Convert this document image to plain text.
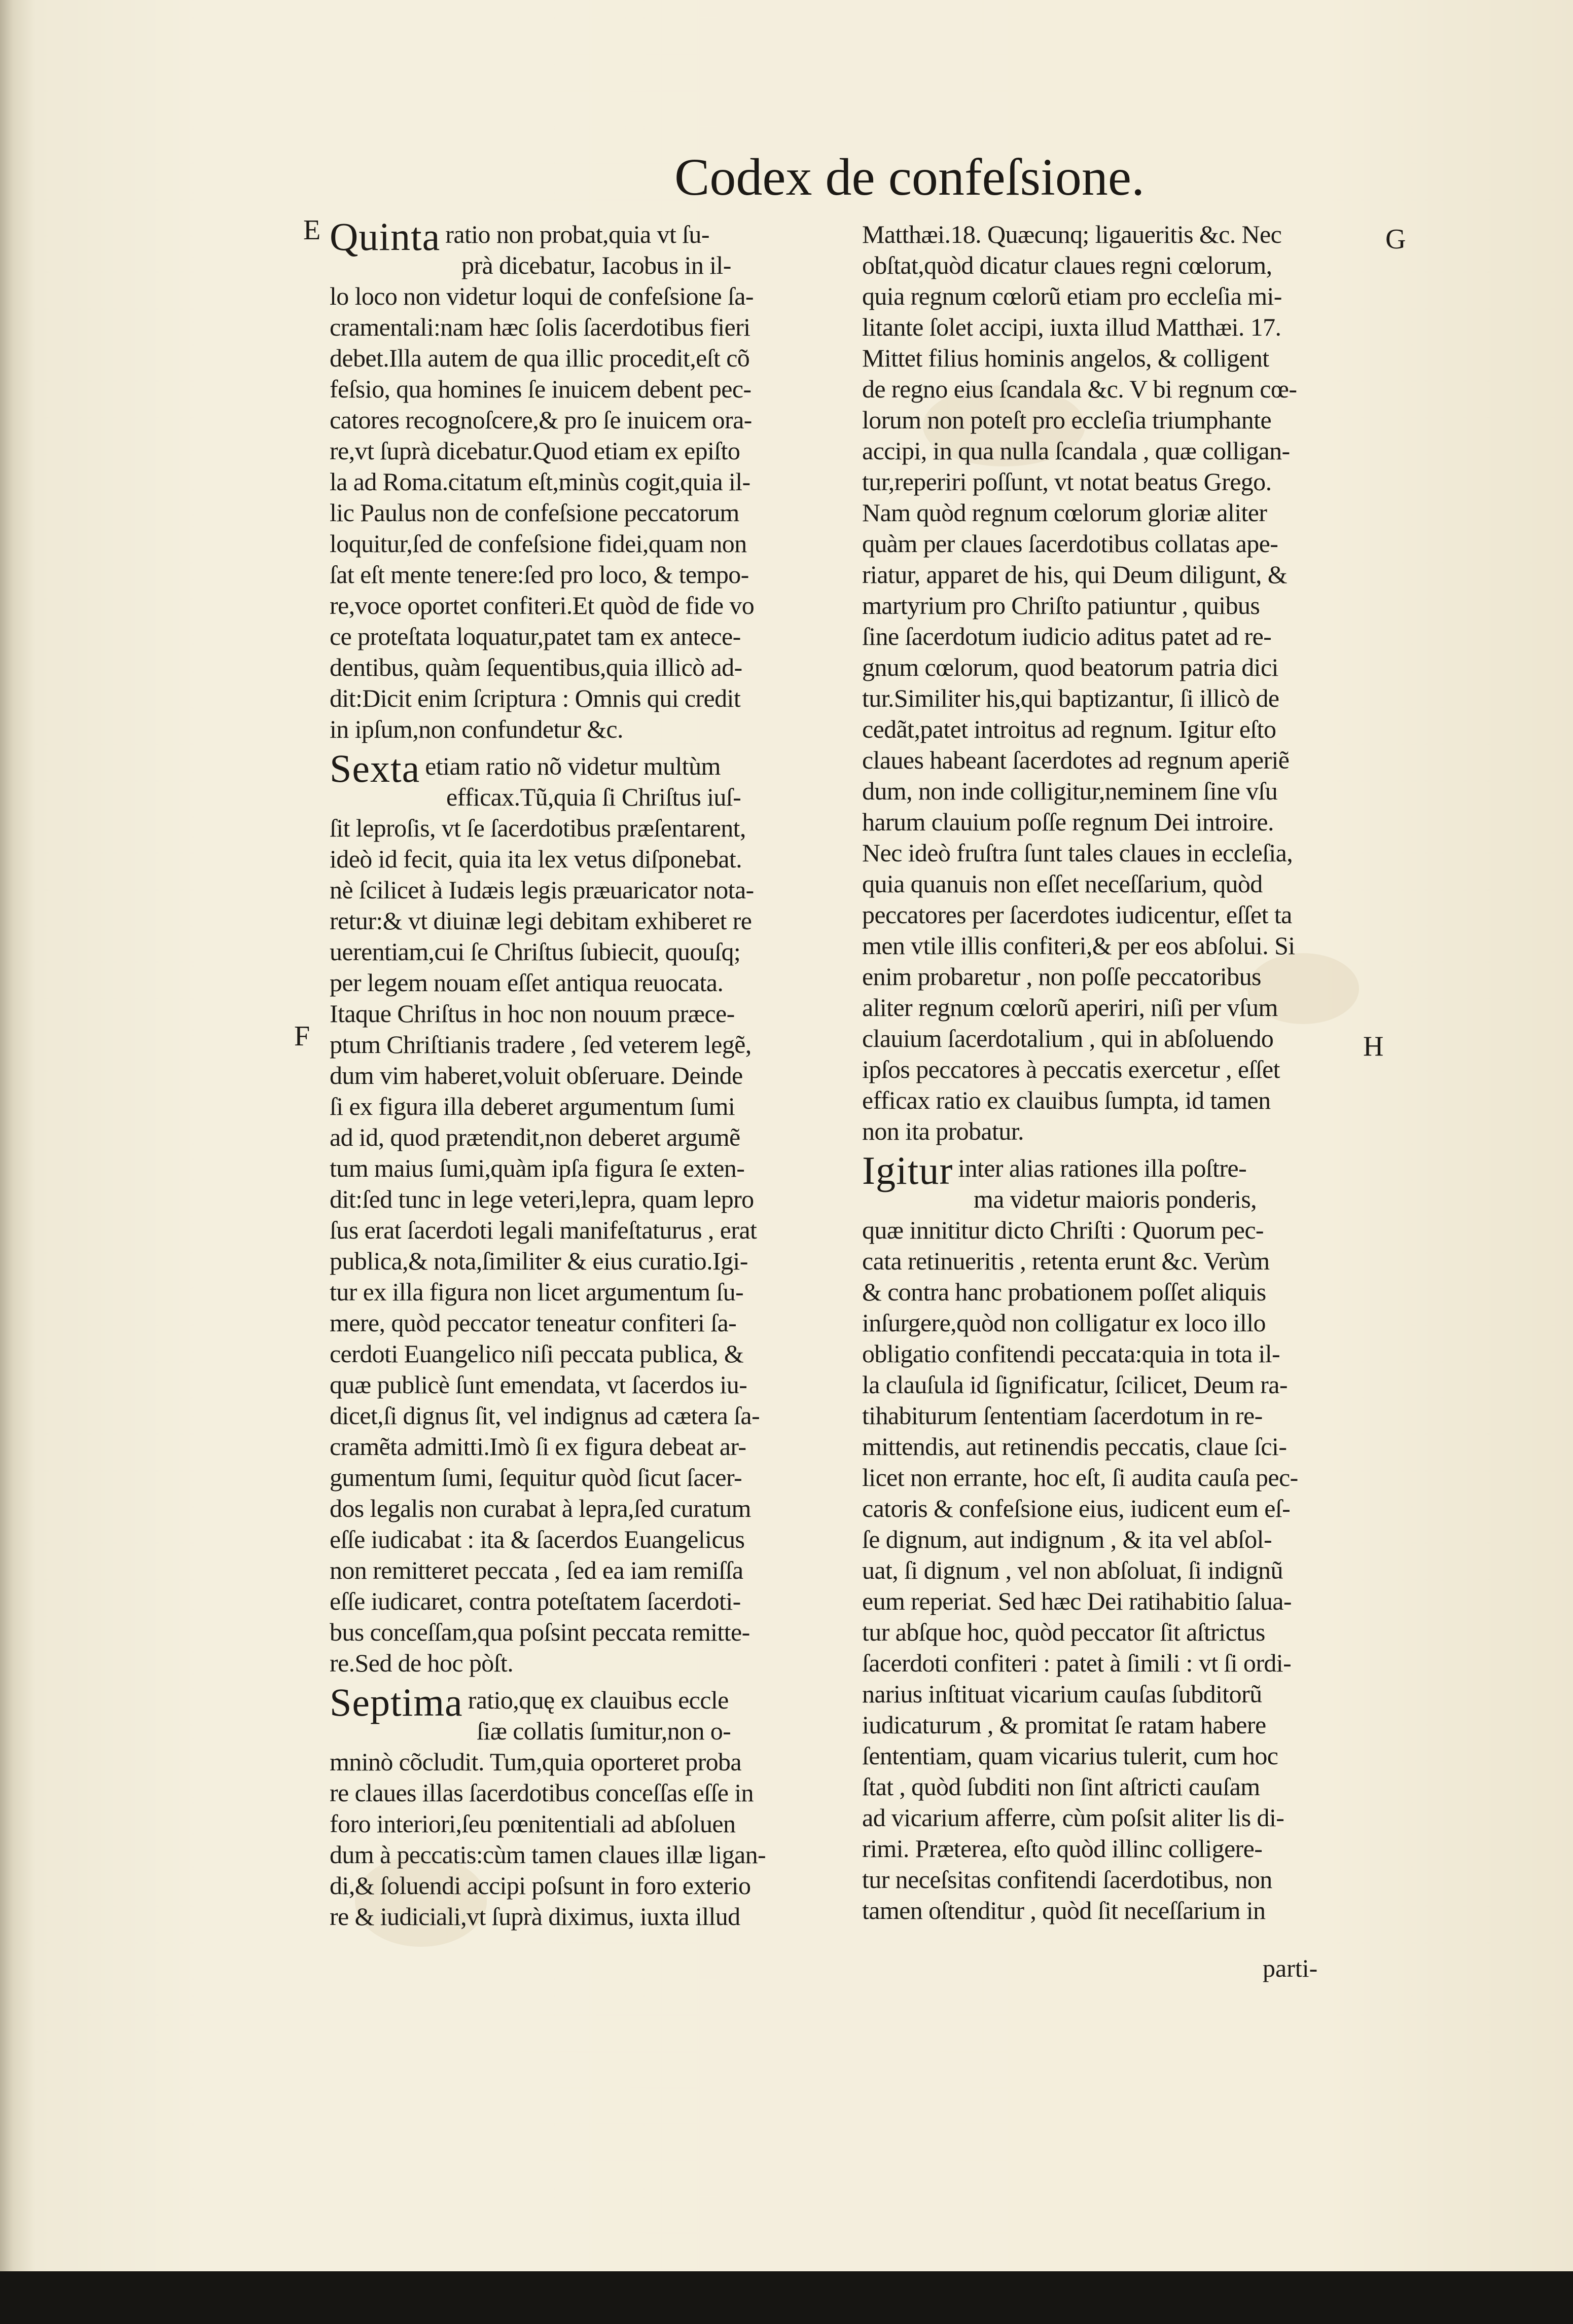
Codex de confeſsione.
E
F
G
H
Quinta ratio non probat,quia vt ſu-
prà dicebatur, Iacobus in il-
lo loco non videtur loqui de confeſsione ſa-
cramentali:nam hæc ſolis ſacerdotibus fieri
debet.Illa autem de qua illic procedit,eſt cõ
feſsio, qua homines ſe inuicem debent pec-
catores recognoſcere,& pro ſe inuicem ora-
re,vt ſuprà dicebatur.Quod etiam ex epiſto
la ad Roma.citatum eſt,minùs cogit,quia il-
lic Paulus non de confeſsione peccatorum
loquitur,ſed de confeſsione fidei,quam non
ſat eſt mente tenere:ſed pro loco, & tempo-
re,voce oportet confiteri.Et quòd de fide vo
ce proteſtata loquatur,patet tam ex antece-
dentibus, quàm ſequentibus,quia illicò ad-
dit:Dicit enim ſcriptura : Omnis qui credit
in ipſum,non confundetur &c.
Sexta etiam ratio nõ videtur multùm
efficax.Tũ,quia ſi Chriſtus iuſ-
ſit leproſis, vt ſe ſacerdotibus præſentarent,
ideò id fecit, quia ita lex vetus diſponebat.
nè ſcilicet à Iudæis legis præuaricator nota-
retur:& vt diuinæ legi debitam exhiberet re
uerentiam,cui ſe Chriſtus ſubiecit, quouſq;
per legem nouam eſſet antiqua reuocata.
Itaque Chriſtus in hoc non nouum præce-
ptum Chriſtianis tradere , ſed veterem legẽ,
dum vim haberet,voluit obſeruare. Deinde
ſi ex figura illa deberet argumentum ſumi
ad id, quod prætendit,non deberet argumẽ
tum maius ſumi,quàm ipſa figura ſe exten-
dit:ſed tunc in lege veteri,lepra, quam lepro
ſus erat ſacerdoti legali manifeſtaturus , erat
publica,& nota,ſimiliter & eius curatio.Igi-
tur ex illa figura non licet argumentum ſu-
mere, quòd peccator teneatur confiteri ſa-
cerdoti Euangelico niſi peccata publica, &
quæ publicè ſunt emendata, vt ſacerdos iu-
dicet,ſi dignus ſit, vel indignus ad cætera ſa-
cramẽta admitti.Imò ſi ex figura debeat ar-
gumentum ſumi, ſequitur quòd ſicut ſacer-
dos legalis non curabat à lepra,ſed curatum
eſſe iudicabat : ita & ſacerdos Euangelicus
non remitteret peccata , ſed ea iam remiſſa
eſſe iudicaret, contra poteſtatem ſacerdoti-
bus conceſſam,qua poſsint peccata remitte-
re.Sed de hoc pòſt.
Septima ratio,quę ex clauibus eccle
ſiæ collatis ſumitur,non o-
mninò cõcludit. Tum,quia oporteret proba
re claues illas ſacerdotibus conceſſas eſſe in
foro interiori,ſeu pœnitentiali ad abſoluen
dum à peccatis:cùm tamen claues illæ ligan-
di,& ſoluendi accipi poſsunt in foro exterio
re & iudiciali,vt ſuprà diximus, iuxta illud
Matthæi.18. Quæcunq; ligaueritis &c. Nec
obſtat,quòd dicatur claues regni cœlorum,
quia regnum cœlorũ etiam pro eccleſia mi-
litante ſolet accipi, iuxta illud Matthæi. 17.
Mittet filius hominis angelos, & colligent
de regno eius ſcandala &c. V bi regnum cœ-
lorum non poteſt pro eccleſia triumphante
accipi, in qua nulla ſcandala , quæ colligan-
tur,reperiri poſſunt, vt notat beatus Grego.
Nam quòd regnum cœlorum gloriæ aliter
quàm per claues ſacerdotibus collatas ape-
riatur, apparet de his, qui Deum diligunt, &
martyrium pro Chriſto patiuntur , quibus
ſine ſacerdotum iudicio aditus patet ad re-
gnum cœlorum, quod beatorum patria dici
tur.Similiter his,qui baptizantur, ſi illicò de
cedãt,patet introitus ad regnum. Igitur eſto
claues habeant ſacerdotes ad regnum aperiẽ
dum, non inde colligitur,neminem ſine vſu
harum clauium poſſe regnum Dei introire.
Nec ideò fruſtra ſunt tales claues in eccleſia,
quia quanuis non eſſet neceſſarium, quòd
peccatores per ſacerdotes iudicentur, eſſet ta
men vtile illis confiteri,& per eos abſolui. Si
enim probaretur , non poſſe peccatoribus
aliter regnum cœlorũ aperiri, niſi per vſum
clauium ſacerdotalium , qui in abſoluendo
ipſos peccatores à peccatis exercetur , eſſet
efficax ratio ex clauibus ſumpta, id tamen
non ita probatur.
Igitur inter alias rationes illa poſtre-
ma videtur maioris ponderis,
quæ innititur dicto Chriſti : Quorum pec-
cata retinueritis , retenta erunt &c. Verùm
& contra hanc probationem poſſet aliquis
inſurgere,quòd non colligatur ex loco illo
obligatio confitendi peccata:quia in tota il-
la clauſula id ſignificatur, ſcilicet, Deum ra-
tihabiturum ſententiam ſacerdotum in re-
mittendis, aut retinendis peccatis, claue ſci-
licet non errante, hoc eſt, ſi audita cauſa pec-
catoris & confeſsione eius, iudicent eum eſ-
ſe dignum, aut indignum , & ita vel abſol-
uat, ſi dignum , vel non abſoluat, ſi indignũ
eum reperiat. Sed hæc Dei ratihabitio ſalua-
tur abſque hoc, quòd peccator ſit aſtrictus
ſacerdoti confiteri : patet à ſimili : vt ſi ordi-
narius inſtituat vicarium cauſas ſubditorũ
iudicaturum , & promitat ſe ratam habere
ſententiam, quam vicarius tulerit, cum hoc
ſtat , quòd ſubditi non ſint aſtricti cauſam
ad vicarium afferre, cùm poſsit aliter lis di-
rimi. Præterea, eſto quòd illinc colligere-
tur neceſsitas confitendi ſacerdotibus, non
tamen oſtenditur , quòd ſit neceſſarium in
parti-
